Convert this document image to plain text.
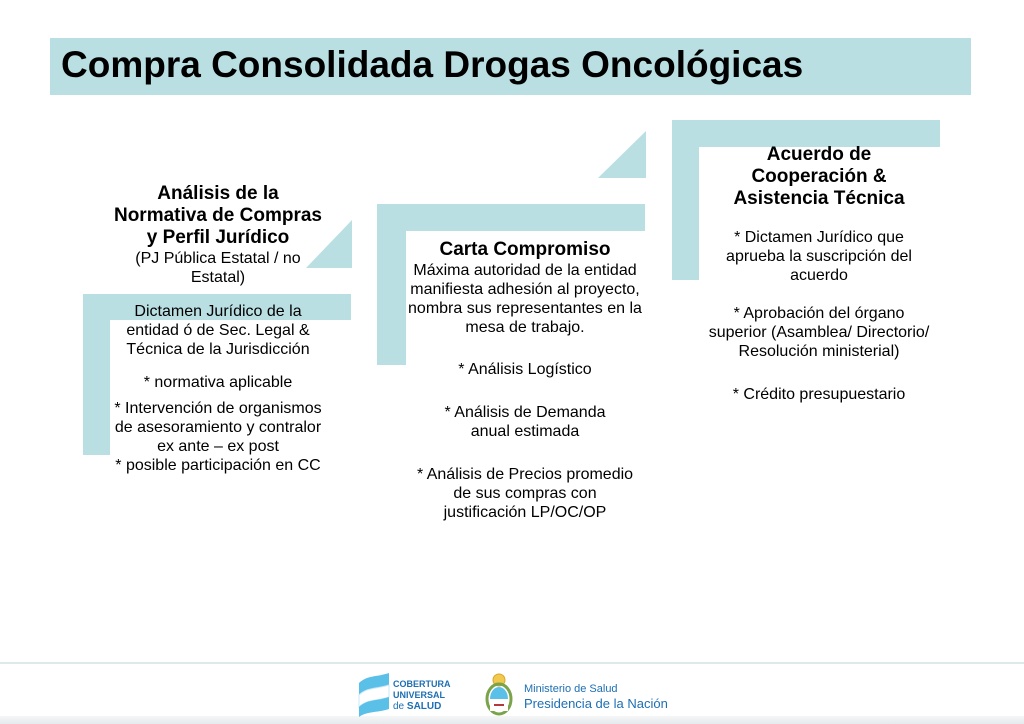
Compra Consolidada Drogas Oncológicas

Análisis de la Normativa de Compras y Perfil Jurídico

(PJ Pública Estatal / no Estatal)

Dictamen Jurídico de la entidad ó de Sec. Legal & Técnica de la Jurisdicción

* normativa aplicable

* Intervención de organismos de asesoramiento y contralor ex ante – ex post

* posible participación en CC

Carta Compromiso

Máxima autoridad de la entidad manifiesta adhesión al proyecto, nombra sus representantes en la mesa de trabajo.

* Análisis Logístico

* Análisis de Demanda anual estimada

* Análisis de Precios promedio de sus compras con justificación LP/OC/OP

Acuerdo de Cooperación & Asistencia Técnica

* Dictamen Jurídico que aprueba la suscripción del acuerdo

* Aprobación del órgano superior (Asamblea/ Directorio/ Resolución ministerial)

* Crédito presupuestario

COBERTURA
UNIVERSAL
de SALUD
Ministerio de Salud
Presidencia de la Nación
